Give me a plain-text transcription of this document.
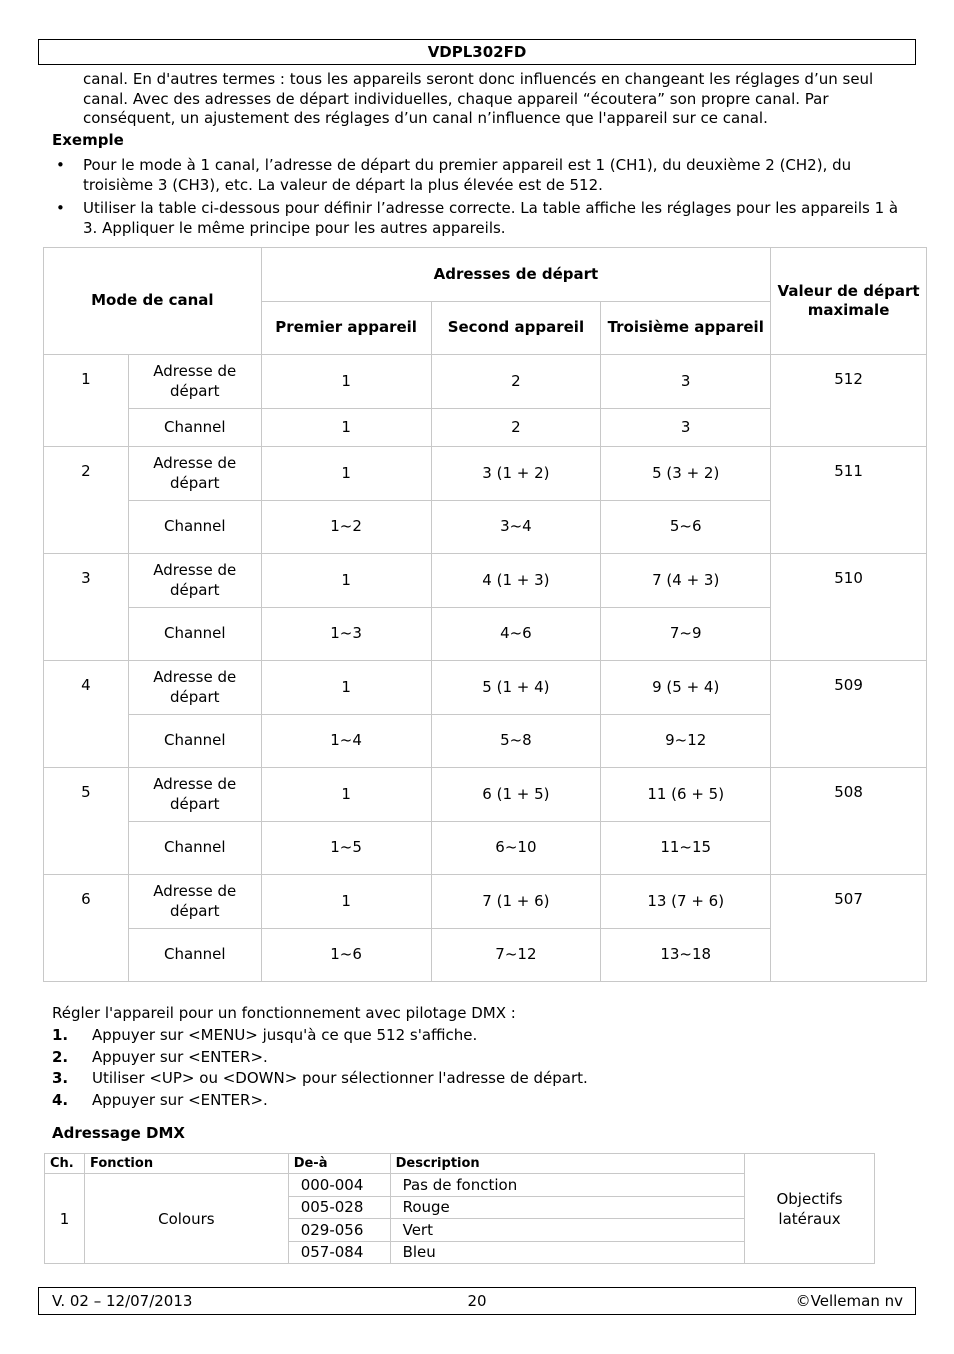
VDPL302FD
canal. En d'autres termes : tous les appareils seront donc influencés en changeant les réglages d’un seul canal. Avec des adresses de départ individuelles, chaque appareil “écoutera” son propre canal. Par conséquent, un ajustement des réglages d’un canal n’influence que l'appareil sur ce canal.
Exemple
• Pour le mode à 1 canal, l’adresse de départ du premier appareil est 1 (CH1), du deuxième 2 (CH2), du troisième 3 (CH3), etc. La valeur de départ la plus élevée est de 512.
• Utiliser la table ci-dessous pour définir l’adresse correcte. La table affiche les réglages pour les appareils 1 à 3. Appliquer le même principe pour les autres appareils.
Mode de canal		Adresses de départ			Valeur de départ maximale
		Premier appareil	Second appareil	Troisième appareil	
1	Adresse de départ	1	2	3	512
	Channel	1	2	3	
2	Adresse de départ	1	3 (1 + 2)	5 (3 + 2)	511
	Channel	1~2	3~4	5~6	
3	Adresse de départ	1	4 (1 + 3)	7 (4 + 3)	510
	Channel	1~3	4~6	7~9	
4	Adresse de départ	1	5 (1 + 4)	9 (5 + 4)	509
	Channel	1~4	5~8	9~12	
5	Adresse de départ	1	6 (1 + 5)	11 (6 + 5)	508
	Channel	1~5	6~10	11~15	
6	Adresse de départ	1	7 (1 + 6)	13 (7 + 6)	507
	Channel	1~6	7~12	13~18	
Régler l'appareil pour un fonctionnement avec pilotage DMX :
1. Appuyer sur <MENU> jusqu'à ce que 512 s'affiche.
2. Appuyer sur <ENTER>.
3. Utiliser <UP> ou <DOWN> pour sélectionner l'adresse de départ.
4. Appuyer sur <ENTER>.
Adressage DMX
Ch.	Fonction	De-à	Description	Objectifs latéraux
1	Colours	000-004	Pas de fonction	
		005-028	Rouge	
		029-056	Vert	
		057-084	Bleu	
V. 02 – 12/07/2013	20	©Velleman nv
